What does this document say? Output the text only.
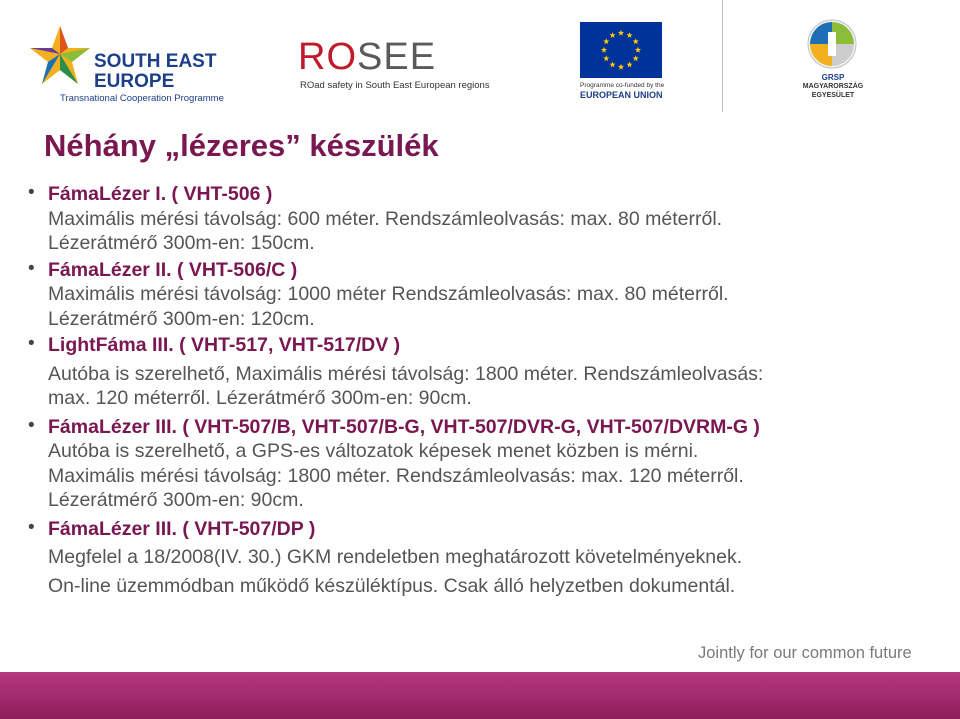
SOUTH EAST
EUROPE
Transnational Cooperation Programme
ROSEE
ROad safety in South East European regions	Programme co-funded by the
EUROPEAN UNION
GRSP
MAGYARORSZÁG
EGYESÜLET
Néhány „lézeres” készülék
• FámaLézer I. ( VHT-506 )
Maximális mérési távolság: 600 méter. Rendszámleolvasás: max. 80 méterről.
Lézerátmérő 300m-en: 150cm.
• FámaLézer II. ( VHT-506/C )
Maximális mérési távolság: 1000 méter Rendszámleolvasás: max. 80 méterről.
Lézerátmérő 300m-en: 120cm.
• LightFáma III. ( VHT-517, VHT-517/DV )
Autóba is szerelhető, Maximális mérési távolság: 1800 méter. Rendszámleolvasás:
max. 120 méterről. Lézerátmérő 300m-en: 90cm.
• FámaLézer III. ( VHT-507/B, VHT-507/B-G, VHT-507/DVR-G, VHT-507/DVRM-G )
Autóba is szerelhető, a GPS-es változatok képesek menet közben is mérni.
Maximális mérési távolság: 1800 méter. Rendszámleolvasás: max. 120 méterről.
Lézerátmérő 300m-en: 90cm.
• FámaLézer III. ( VHT-507/DP )
Megfelel a 18/2008(IV. 30.) GKM rendeletben meghatározott követelményeknek.
On-line üzemmódban működő készüléktípus. Csak álló helyzetben dokumentál.
Jointly for our common future
